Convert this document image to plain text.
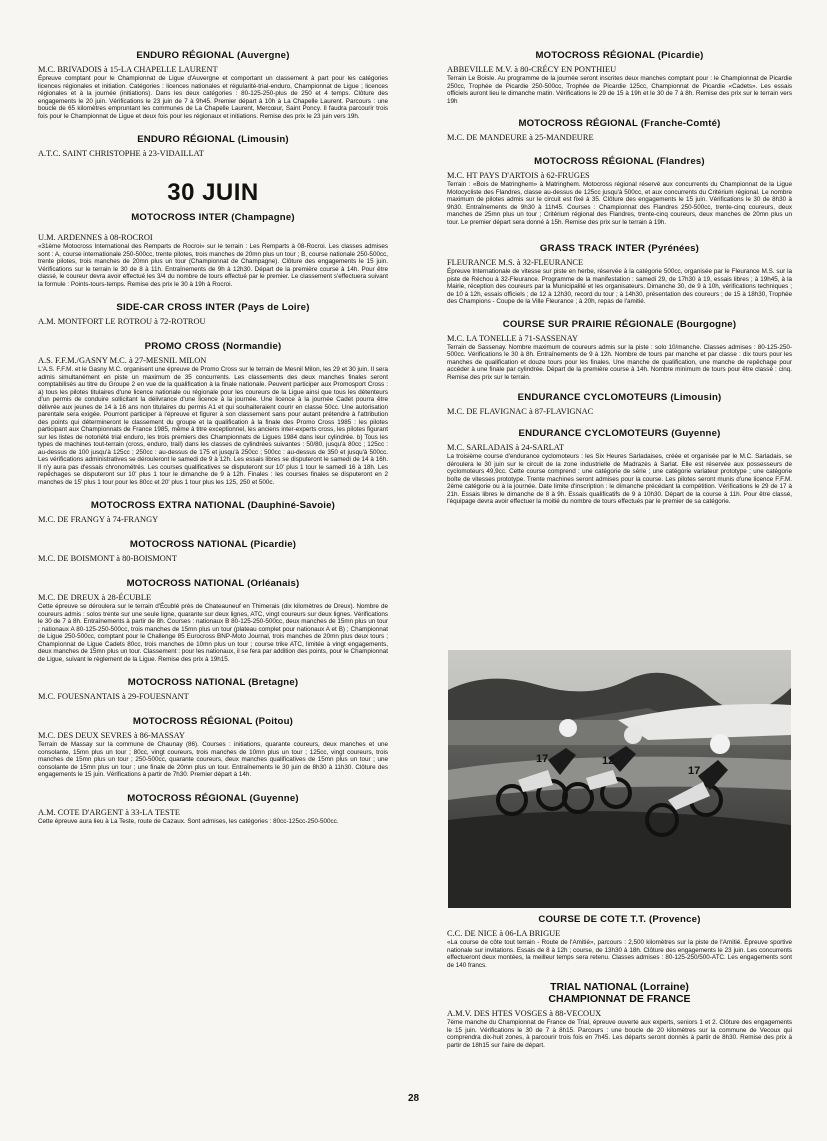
ENDURO RÉGIONAL (Auvergne)

M.C. BRIVADOIS à 15-LA CHAPELLE LAURENT

Épreuve comptant pour le Championnat de Ligue d'Auvergne et comportant un classement à part pour les catégories licences régionales et initiation. Catégories : licences nationales et régularité-trial-enduro, Championnat de Ligue ; licences régionales et à la journée (initiations). Dans les deux catégories : 80-125-250-plus de 250 et 4 temps. Clôture des engagements le 20 juin. Vérifications le 23 juin de 7 à 9h45. Premier départ à 10h à La Chapelle Laurent. Parcours : une boucle de 65 kilomètres empruntant les communes de La Chapelle Laurent, Mercœur, Saint Poncy. Il faudra parcourir trois fois pour le Championnat de Ligue et deux fois pour les régionaux et initiations. Remise des prix le 23 juin vers 19h.

ENDURO RÉGIONAL (Limousin)

A.T.C. SAINT CHRISTOPHE à 23-VIDAILLAT

30 JUIN

MOTOCROSS INTER (Champagne)

U.M. ARDENNES à 08-ROCROI

«31ème Motocross International des Remparts de Rocroi» sur le terrain : Les Remparts à 08-Rocroi. Les classes admises sont : A, course internationale 250-500cc, trente pilotes, trois manches de 20mn plus un tour ; B, course nationale 250-500cc, trente pilotes, trois manches de 20mn plus un tour (Championnat de Champagne). Clôture des engagements le 15 juin. Vérifications sur le terrain le 30 de 8 à 11h. Entraînements de 9h à 12h30. Départ de la première course à 14h. Pour être classé, le coureur devra avoir effectué les 3/4 du nombre de tours effectué par le premier. Le classement s'effectuera suivant la formule : Points-tours-temps. Remise des prix le 30 à 19h à Rocroi.

SIDE-CAR CROSS INTER (Pays de Loire)

A.M. MONTFORT LE ROTROU à 72-ROTROU

PROMO CROSS (Normandie)

A.S. F.F.M./GASNY M.C. à 27-MESNIL MILON

L'A.S. F.F.M. et le Gasny M.C. organisent une épreuve de Promo Cross sur le terrain de Mesnil Milon, les 29 et 30 juin. Il sera admis simultanément en piste un maximum de 35 concurrents. Les classements des deux manches finales seront comptabilisés au titre du Groupe 2 en vue de la qualification à la finale nationale. Peuvent participer aux Promosport Cross : a) tous les pilotes titulaires d'une licence nationale ou régionale pour les coureurs de la Ligue ainsi que tous les détenteurs d'un permis de conduire sollicitant la délivrance d'une licence à la journée. Une licence à la journée Cadet pourra être délivrée aux jeunes de 14 à 16 ans non titulaires du permis A1 et qui souhaiteraient courir en classe 50cc. Une autorisation parentale sera exigée. Pourront participer à l'épreuve et figurer à son classement sans pour autant prétendre à l'attribution des points qui détermineront le classement du groupe et la qualification à la finale des Promo Cross 1985 : les pilotes participant aux Championnats de France 1985, même à titre exceptionnel, les anciens inter-experts cross, les pilotes figurant sur les listes de notoriété trial enduro, les trois premiers des Championnats de Ligues 1984 dans leur cylindrée. b) Tous les types de machines tout-terrain (cross, enduro, trail) dans les classes de cylindrées suivantes : 50/80, jusqu'à 80cc ; 125cc : au-dessus de 100 jusqu'à 125cc ; 250cc : au-dessus de 175 et jusqu'à 250cc ; 500cc : au-dessus de 350 et jusqu'à 500cc. Les vérifications administratives se dérouleront le samedi de 9 à 12h. Les essais libres se disputeront le samedi de 14 à 16h. Il n'y aura pas d'essais chronométrés. Les courses qualificatives se disputeront sur 10' plus 1 tour le samedi 16 à 18h. Les repêchages se disputeront sur 10' plus 1 tour le dimanche de 9 à 12h. Finales : les courses finales se disputeront en 2 manches de 15' plus 1 tour pour les 80cc et 20' plus 1 tour plus les 125, 250 et 500c.

MOTOCROSS EXTRA NATIONAL (Dauphiné-Savoie)

M.C. DE FRANGY à 74-FRANGY

MOTOCROSS NATIONAL (Picardie)

M.C. DE BOISMONT à 80-BOISMONT

MOTOCROSS NATIONAL (Orléanais)

M.C. DE DREUX à 28-ÉCUBLE

Cette épreuve se déroulera sur le terrain d'Écublé près de Chateauneuf en Thimerais (dix kilomètres de Dreux). Nombre de coureurs admis : solos trente sur une seule ligne, quarante sur deux lignes, ATC, vingt coureurs sur deux lignes. Vérifications le 30 de 7 à 8h. Entraînements à partir de 8h. Courses : nationaux B 80-125-250-500cc, deux manches de 15mn plus un tour ; nationaux A 80-125-250-500cc, trois manches de 15mn plus un tour (plateau complet pour nationaux A et B) ; Championnat de Ligue 250-500cc, comptant pour le Challenge 85 Eurocross BNP-Moto Journal, trois manches de 20mn plus deux tours ; Championnat de Ligue Cadets 80cc, trois manches de 10mn plus un tour ; course trike ATC, limitée à vingt engagements, deux manches de 15mn plus un tour. Classement : pour les nationaux, il se fera par addition des points, pour le Championnat de Ligue, suivant le règlement de la Ligue. Remise des prix à 19h15.

MOTOCROSS NATIONAL (Bretagne)

M.C. FOUESNANTAIS à 29-FOUESNANT

MOTOCROSS RÉGIONAL (Poitou)

M.C. DES DEUX SEVRES à 86-MASSAY

Terrain de Massay sur la commune de Chaunay (86). Courses : initiations, quarante coureurs, deux manches et une consolante, 15mn plus un tour ; 80cc, vingt coureurs, trois manches de 10mn plus un tour ; 125cc, vingt coureurs, trois manches de 15mn plus un tour ; 250-500cc, quarante coureurs, deux manches qualificatives de 15mn plus un tour ; une consolante de 15mn plus un tour ; une finale de 20mn plus un tour. Entraînements le 30 juin de 8h30 à 11h30. Clôture des engagements le 15 juin. Vérifications à partir de 7h30. Premier départ à 14h.

MOTOCROSS RÉGIONAL (Guyenne)

A.M. COTE D'ARGENT à 33-LA TESTE

Cette épreuve aura lieu à La Teste, route de Cazaux. Sont admises, les catégories : 80cc-125cc-250-500cc.

MOTOCROSS RÉGIONAL (Picardie)

ABBEVILLE M.V. à 80-CRÉCY EN PONTHIEU

Terrain Le Boisle. Au programme de la journée seront inscrites deux manches comptant pour : le Championnat de Picardie 250cc, Trophée de Picardie 250-500cc, Trophée de Picardie 125cc, Championnat de Picardie «Cadets». Les essais officiels auront lieu le dimanche matin. Vérifications le 29 de 15 à 19h et le 30 de 7 à 8h. Remise des prix sur le terrain vers 19h

MOTOCROSS RÉGIONAL (Franche-Comté)

M.C. DE MANDEURE à 25-MANDEURE

MOTOCROSS RÉGIONAL (Flandres)

M.C. HT PAYS D'ARTOIS à 62-FRUGES

Terrain : «Bois de Matringhem» à Matringhem. Motocross régional réservé aux concurrents du Championnat de la Ligue Motocycliste des Flandres, classe au-dessus de 125cc jusqu'à 500cc, et aux concurrents du Critérium régional. Le nombre maximum de pilotes admis sur le circuit est fixé à 35. Clôture des engagements le 15 juin. Vérifications le 30 de 8h30 à 9h30. Entraînements de 9h30 à 11h45. Courses : Championnat des Flandres 250-500cc, trente-cinq coureurs, deux manches de 25mn plus un tour ; Critérium régional des Flandres, trente-cinq coureurs, deux manches de 20mn plus un tour. Le premier départ sera donné à 15h. Remise des prix sur le terrain à 19h.

GRASS TRACK INTER (Pyrénées)

FLEURANCE M.S. à 32-FLEURANCE

Épreuve Internationale de vitesse sur piste en herbe, réservée à la catégorie 500cc, organisée par le Fleurance M.S. sur la piste de Réchou à 32-Fleurance. Programme de la manifestation : samedi 29, de 17h30 à 19, essais libres ; à 19h45, à la Mairie, réception des coureurs par la Municipalité et les organisateurs. Dimanche 30, de 9 à 10h, vérifications techniques ; de 10 à 12h, essais officiels ; de 12 à 12h30, record du tour ; à 14h30, présentation des coureurs ; de 15 à 18h30, Trophée des Champions - Coupe de la Ville Fleurance ; à 20h, repas de l'amitié.

COURSE SUR PRAIRIE RÉGIONALE (Bourgogne)

M.C. LA TONELLE à 71-SASSENAY

Terrain de Sassenay. Nombre maximum de coureurs admis sur la piste : solo 10/manche. Classes admises : 80-125-250-500cc. Vérifications le 30 à 8h. Entraînements de 9 à 12h. Nombre de tours par manche et par classe : dix tours pour les manches de qualification et douze tours pour les finales. Une manche de qualification, une manche de repêchage pour accéder à une finale par cylindrée. Départ de la première course à 14h. Nombre minimum de tours pour être classé : cinq. Remise des prix sur le terrain.

ENDURANCE CYCLOMOTEURS (Limousin)

M.C. DE FLAVIGNAC à 87-FLAVIGNAC

ENDURANCE CYCLOMOTEURS (Guyenne)

M.C. SARLADAIS à 24-SARLAT

La troisième course d'endurance cyclomoteurs : les Six Heures Sarladaises, créée et organisée par le M.C. Sarladais, se déroulera le 30 juin sur le circuit de la zone industrielle de Madrazès à Sarlat. Elle est réservée aux possesseurs de cyclomoteurs 49,9cc. Cette course comprend : une catégorie de série ; une catégorie variateur prototype ; une catégorie boîte de vitesses prototype. Trente machines seront admises pour la course. Les pilotes seront munis d'une licence F.F.M. 2ème catégorie ou à la journée. Date limite d'inscription : le dimanche précédant la compétition. Vérifications le 29 de 17 à 21h. Essais libres le dimanche de 8 à 9h. Essais qualificatifs de 9 à 10h30. Départ de la course à 11h. Pour être classé, l'équipage devra avoir effectuer la moitié du nombre de tours effectués par le premier de sa catégorie.

17	12
17

COURSE DE COTE T.T. (Provence)

C.C. DE NICE à 06-LA BRIGUE

«La course de côte tout terrain - Route de l'Amitié», parcours : 2,500 kilomètres sur la piste de l'Amitié. Épreuve sportive nationale sur invitations. Essais de 8 à 12h ; course, de 13h30 à 18h. Clôture des engagements le 23 juin. Les concurrents effectueront deux montées, la meilleur temps sera retenu. Classes admises : 80-125-250/500-ATC. Les engagements sont de 140 francs.

TRIAL NATIONAL (Lorraine)
CHAMPIONNAT DE FRANCE

A.M.V. DES HTES VOSGES à 88-VECOUX

7ème manche du Championnat de France de Trial, épreuve ouverte aux experts, seniors 1 et 2. Clôture des engagements le 15 juin. Vérifications le 30 de 7 à 8h15. Parcours : une boucle de 20 kilomètres sur la commune de Vecoux qui comprendra dix-huit zones, à parcourir trois fois en 7h45. Les départs seront donnés à partir de 8h30. Remise des prix à partir de 18h15 sur l'aire de départ.

28
